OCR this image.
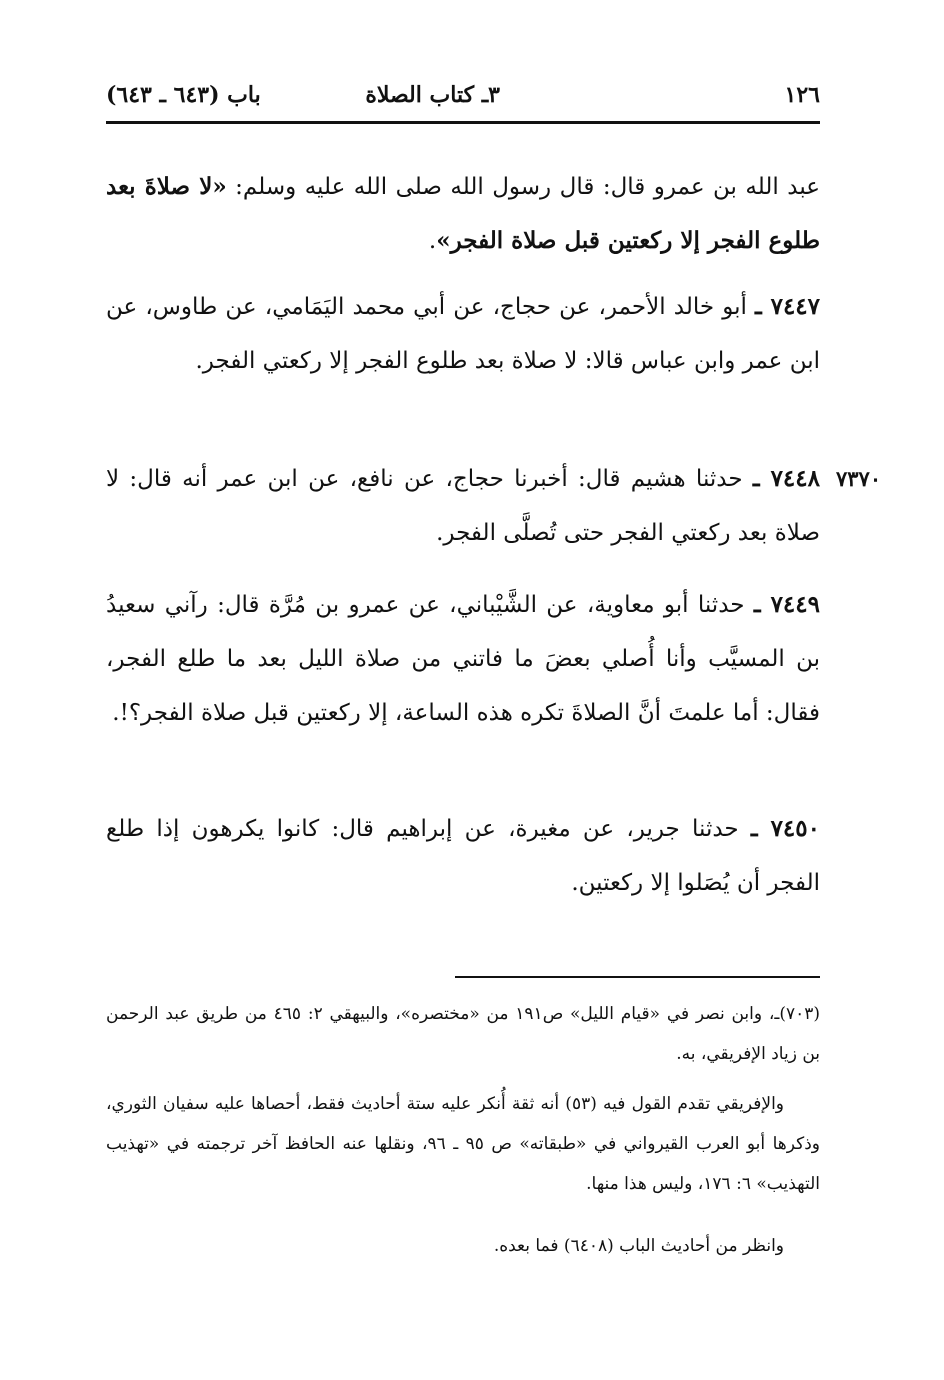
١٢٦
٣ـ كتاب الصلاة
باب (٦٤٣ ـ ٦٤٣)
عبد الله بن عمرو قال: قال رسول الله صلى الله عليه وسلم: «لا صلاةَ بعد طلوع الفجر إلا ركعتين قبل صلاة الفجر».
٧٤٤٧ ـ أبو خالد الأحمر، عن حجاج، عن أبي محمد اليَمَامي، عن طاوس، عن ابن عمر وابن عباس قالا: لا صلاة بعد طلوع الفجر إلا ركعتي الفجر.
٧٣٧٠
٧٤٤٨ ـ حدثنا هشيم قال: أخبرنا حجاج، عن نافع، عن ابن عمر أنه قال: لا صلاة بعد ركعتي الفجر حتى تُصلَّى الفجر.
٧٤٤٩ ـ حدثنا أبو معاوية، عن الشَّيْباني، عن عمرو بن مُرَّة قال: رآني سعيدُ بن المسيَّب وأنا أُصلي بعضَ ما فاتني من صلاة الليل بعد ما طلع الفجر، فقال: أما علمتَ أنَّ الصلاةَ تكره هذه الساعة، إلا ركعتين قبل صلاة الفجر؟!.
٧٤٥٠ ـ حدثنا جرير، عن مغيرة، عن إبراهيم قال: كانوا يكرهون إذا طلع الفجر أن يُصَلوا إلا ركعتين.
(٧٠٣)ـ، وابن نصر في «قيام الليل» ص١٩١ من «مختصره»، والبيهقي ٢: ٤٦٥ من طريق عبد الرحمن بن زياد الإفريقي، به.
والإفريقي تقدم القول فيه (٥٣) أنه ثقة أُنكر عليه ستة أحاديث فقط، أحصاها عليه سفيان الثوري، وذكرها أبو العرب القيرواني في «طبقاته» ص ٩٥ ـ ٩٦، ونقلها عنه الحافظ آخر ترجمته في «تهذيب التهذيب» ٦: ١٧٦، وليس هذا منها.
وانظر من أحاديث الباب (٦٤٠٨) فما بعده.
